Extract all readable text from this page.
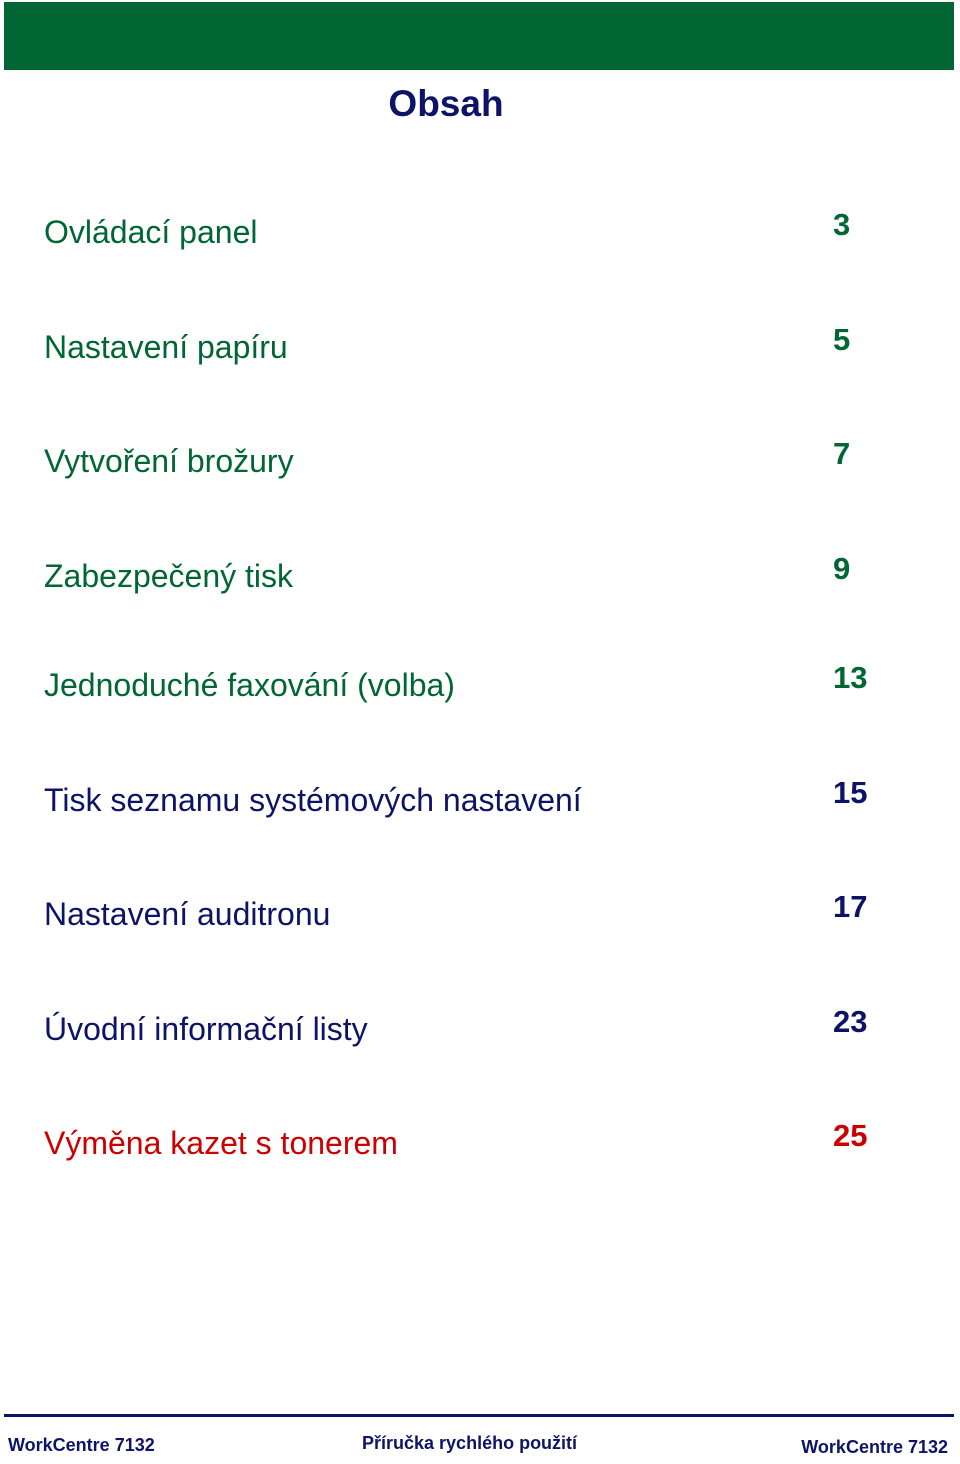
Obsah
Ovládací panel	3
Nastavení papíru	5
Vytvoření brožury	7
Zabezpečený tisk	9
Jednoduché faxování (volba)	13
Tisk seznamu systémových nastavení	15
Nastavení auditronu	17
Úvodní informační listy	23
Výměna kazet s tonerem	25
WorkCentre 7132	Příručka rychlého použití	WorkCentre 7132
